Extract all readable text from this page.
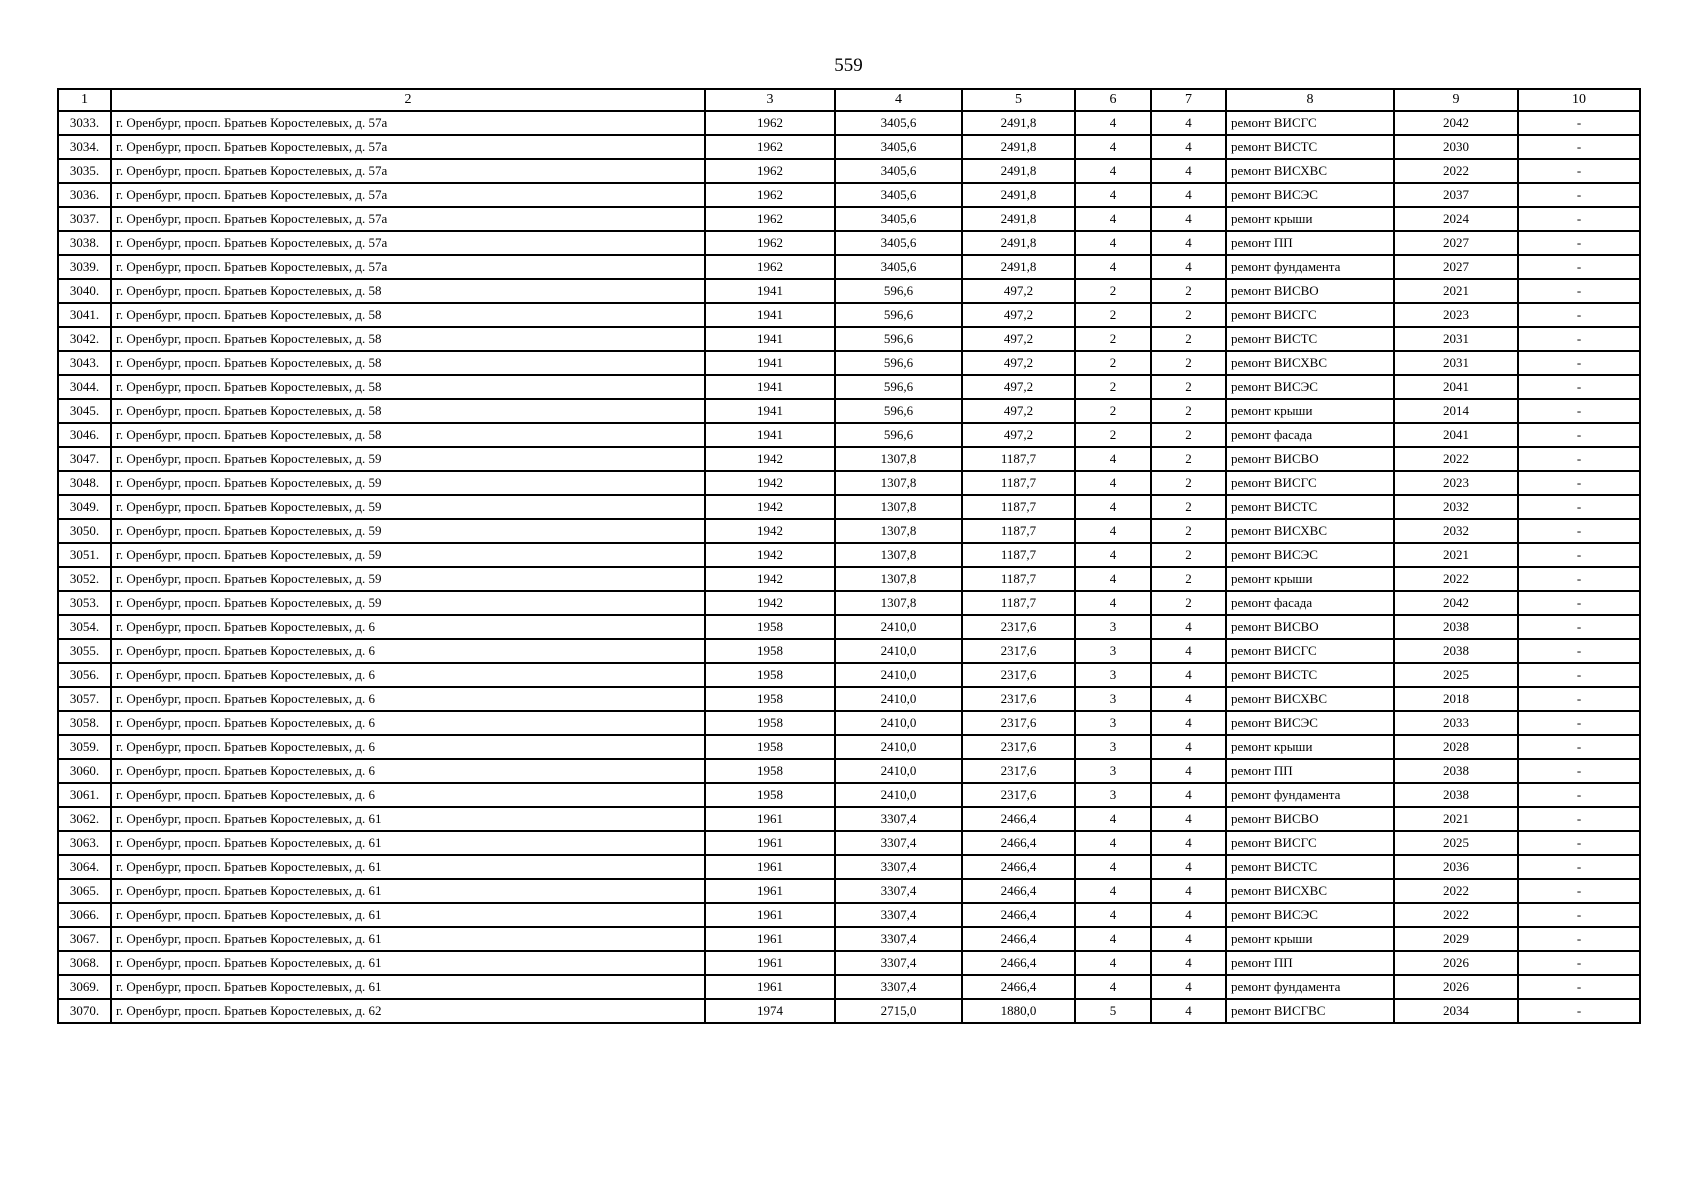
559
1	2	3	4	5	6	7	8	9	10
3033.	г. Оренбург, просп. Братьев Коростелевых, д. 57а	1962	3405,6	2491,8	4	4	ремонт ВИСГС	2042	-
3034.	г. Оренбург, просп. Братьев Коростелевых, д. 57а	1962	3405,6	2491,8	4	4	ремонт ВИСТС	2030	-
3035.	г. Оренбург, просп. Братьев Коростелевых, д. 57а	1962	3405,6	2491,8	4	4	ремонт ВИСХВС	2022	-
3036.	г. Оренбург, просп. Братьев Коростелевых, д. 57а	1962	3405,6	2491,8	4	4	ремонт ВИСЭС	2037	-
3037.	г. Оренбург, просп. Братьев Коростелевых, д. 57а	1962	3405,6	2491,8	4	4	ремонт крыши	2024	-
3038.	г. Оренбург, просп. Братьев Коростелевых, д. 57а	1962	3405,6	2491,8	4	4	ремонт ПП	2027	-
3039.	г. Оренбург, просп. Братьев Коростелевых, д. 57а	1962	3405,6	2491,8	4	4	ремонт фундамента	2027	-
3040.	г. Оренбург, просп. Братьев Коростелевых, д. 58	1941	596,6	497,2	2	2	ремонт ВИСВО	2021	-
3041.	г. Оренбург, просп. Братьев Коростелевых, д. 58	1941	596,6	497,2	2	2	ремонт ВИСГС	2023	-
3042.	г. Оренбург, просп. Братьев Коростелевых, д. 58	1941	596,6	497,2	2	2	ремонт ВИСТС	2031	-
3043.	г. Оренбург, просп. Братьев Коростелевых, д. 58	1941	596,6	497,2	2	2	ремонт ВИСХВС	2031	-
3044.	г. Оренбург, просп. Братьев Коростелевых, д. 58	1941	596,6	497,2	2	2	ремонт ВИСЭС	2041	-
3045.	г. Оренбург, просп. Братьев Коростелевых, д. 58	1941	596,6	497,2	2	2	ремонт крыши	2014	-
3046.	г. Оренбург, просп. Братьев Коростелевых, д. 58	1941	596,6	497,2	2	2	ремонт фасада	2041	-
3047.	г. Оренбург, просп. Братьев Коростелевых, д. 59	1942	1307,8	1187,7	4	2	ремонт ВИСВО	2022	-
3048.	г. Оренбург, просп. Братьев Коростелевых, д. 59	1942	1307,8	1187,7	4	2	ремонт ВИСГС	2023	-
3049.	г. Оренбург, просп. Братьев Коростелевых, д. 59	1942	1307,8	1187,7	4	2	ремонт ВИСТС	2032	-
3050.	г. Оренбург, просп. Братьев Коростелевых, д. 59	1942	1307,8	1187,7	4	2	ремонт ВИСХВС	2032	-
3051.	г. Оренбург, просп. Братьев Коростелевых, д. 59	1942	1307,8	1187,7	4	2	ремонт ВИСЭС	2021	-
3052.	г. Оренбург, просп. Братьев Коростелевых, д. 59	1942	1307,8	1187,7	4	2	ремонт крыши	2022	-
3053.	г. Оренбург, просп. Братьев Коростелевых, д. 59	1942	1307,8	1187,7	4	2	ремонт фасада	2042	-
3054.	г. Оренбург, просп. Братьев Коростелевых, д. 6	1958	2410,0	2317,6	3	4	ремонт ВИСВО	2038	-
3055.	г. Оренбург, просп. Братьев Коростелевых, д. 6	1958	2410,0	2317,6	3	4	ремонт ВИСГС	2038	-
3056.	г. Оренбург, просп. Братьев Коростелевых, д. 6	1958	2410,0	2317,6	3	4	ремонт ВИСТС	2025	-
3057.	г. Оренбург, просп. Братьев Коростелевых, д. 6	1958	2410,0	2317,6	3	4	ремонт ВИСХВС	2018	-
3058.	г. Оренбург, просп. Братьев Коростелевых, д. 6	1958	2410,0	2317,6	3	4	ремонт ВИСЭС	2033	-
3059.	г. Оренбург, просп. Братьев Коростелевых, д. 6	1958	2410,0	2317,6	3	4	ремонт крыши	2028	-
3060.	г. Оренбург, просп. Братьев Коростелевых, д. 6	1958	2410,0	2317,6	3	4	ремонт ПП	2038	-
3061.	г. Оренбург, просп. Братьев Коростелевых, д. 6	1958	2410,0	2317,6	3	4	ремонт фундамента	2038	-
3062.	г. Оренбург, просп. Братьев Коростелевых, д. 61	1961	3307,4	2466,4	4	4	ремонт ВИСВО	2021	-
3063.	г. Оренбург, просп. Братьев Коростелевых, д. 61	1961	3307,4	2466,4	4	4	ремонт ВИСГС	2025	-
3064.	г. Оренбург, просп. Братьев Коростелевых, д. 61	1961	3307,4	2466,4	4	4	ремонт ВИСТС	2036	-
3065.	г. Оренбург, просп. Братьев Коростелевых, д. 61	1961	3307,4	2466,4	4	4	ремонт ВИСХВС	2022	-
3066.	г. Оренбург, просп. Братьев Коростелевых, д. 61	1961	3307,4	2466,4	4	4	ремонт ВИСЭС	2022	-
3067.	г. Оренбург, просп. Братьев Коростелевых, д. 61	1961	3307,4	2466,4	4	4	ремонт крыши	2029	-
3068.	г. Оренбург, просп. Братьев Коростелевых, д. 61	1961	3307,4	2466,4	4	4	ремонт ПП	2026	-
3069.	г. Оренбург, просп. Братьев Коростелевых, д. 61	1961	3307,4	2466,4	4	4	ремонт фундамента	2026	-
3070.	г. Оренбург, просп. Братьев Коростелевых, д. 62	1974	2715,0	1880,0	5	4	ремонт ВИСГВС	2034	-
